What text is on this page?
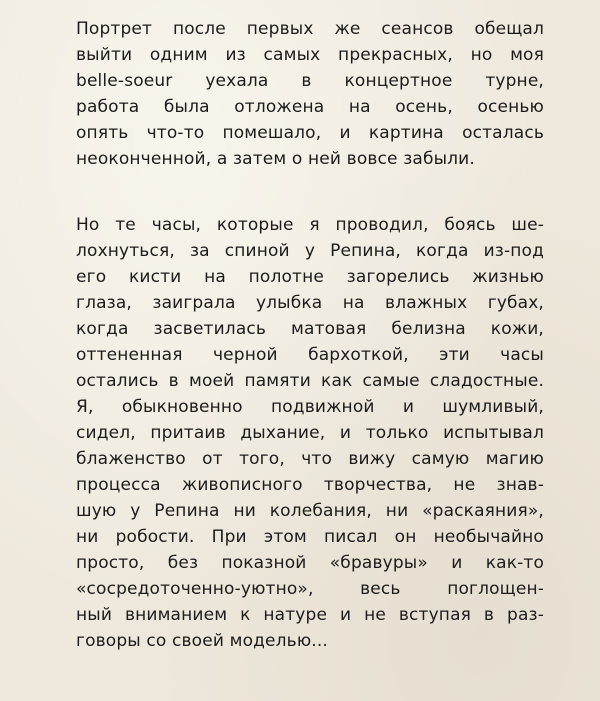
Портрет после первых же сеансов обещал
выйти одним из самых прекрасных, но моя
belle-soeur уехала в концертное турне,
работа была отложена на осень, осенью
опять что-то помешало, и картина осталась
неоконченной, а затем о ней вовсе забыли.
Но те часы, которые я проводил, боясь ше-
лохнуться, за спиной у Репина, когда из-под
его кисти на полотне загорелись жизнью
глаза, заиграла улыбка на влажных губах,
когда засветилась матовая белизна кожи,
оттененная черной бархоткой, эти часы
остались в моей памяти как самые сладостные.
Я, обыкновенно подвижной и шумливый,
сидел, притаив дыхание, и только испытывал
блаженство от того, что вижу самую магию
процесса живописного творчества, не знав-
шую у Репина ни колебания, ни «раскаяния»,
ни робости. При этом писал он необычайно
просто, без показной «бравуры» и как-то
«сосредоточенно-уютно», весь поглощен-
ный вниманием к натуре и не вступая в раз-
говоры со своей моделью...
